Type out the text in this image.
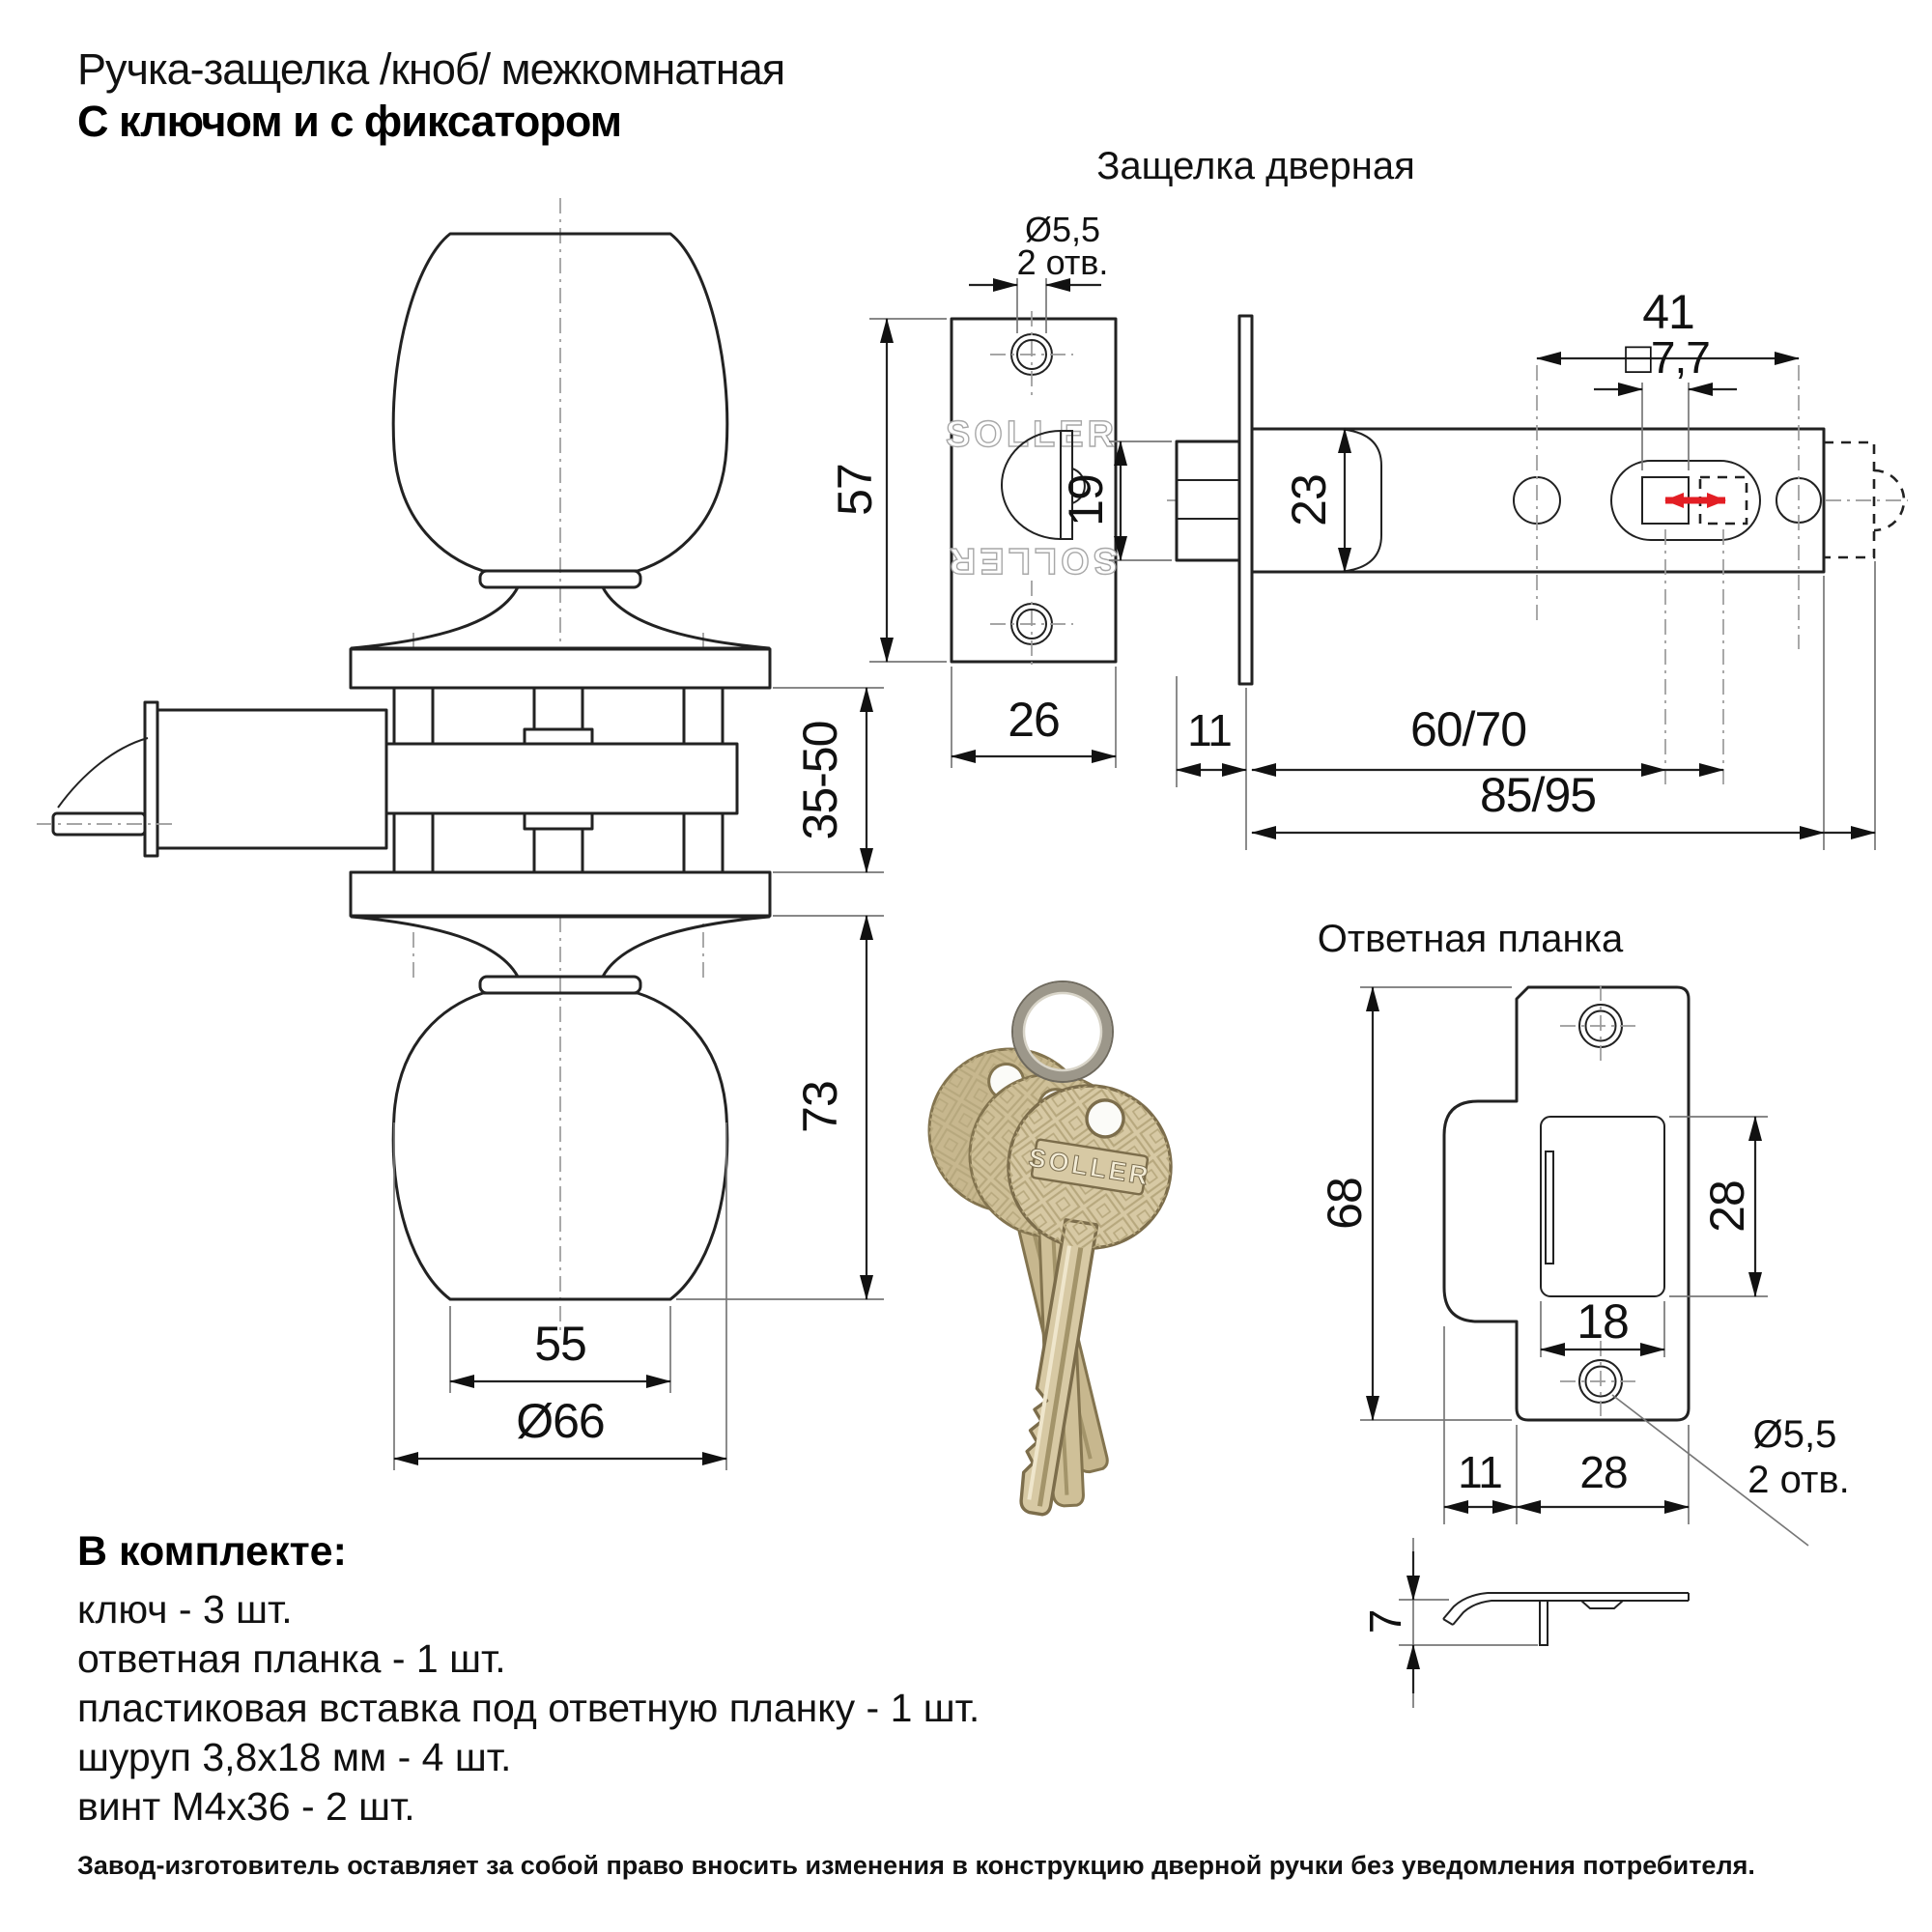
Ручка-защелка /кноб/ межкомнатная
С ключом и с фиксатором
35-50
73
55
Ø66
SOLLER
SOLLER
Ø5,5
2 отв.
57
26
19
Защелка дверная
41
□7,7
23
11	60/70
85/95
Ответная планка
68	28
18
11 28
Ø5,5
2 отв.
7
SOLLER
В комплекте:
ключ - 3 шт.
ответная планка - 1 шт.
пластиковая вставка под ответную планку - 1 шт.
шуруп 3,8х18 мм - 4 шт.
винт М4х36 - 2 шт.
Завод-изготовитель оставляет за собой право вносить изменения в конструкцию дверной ручки без уведомления потребителя.
